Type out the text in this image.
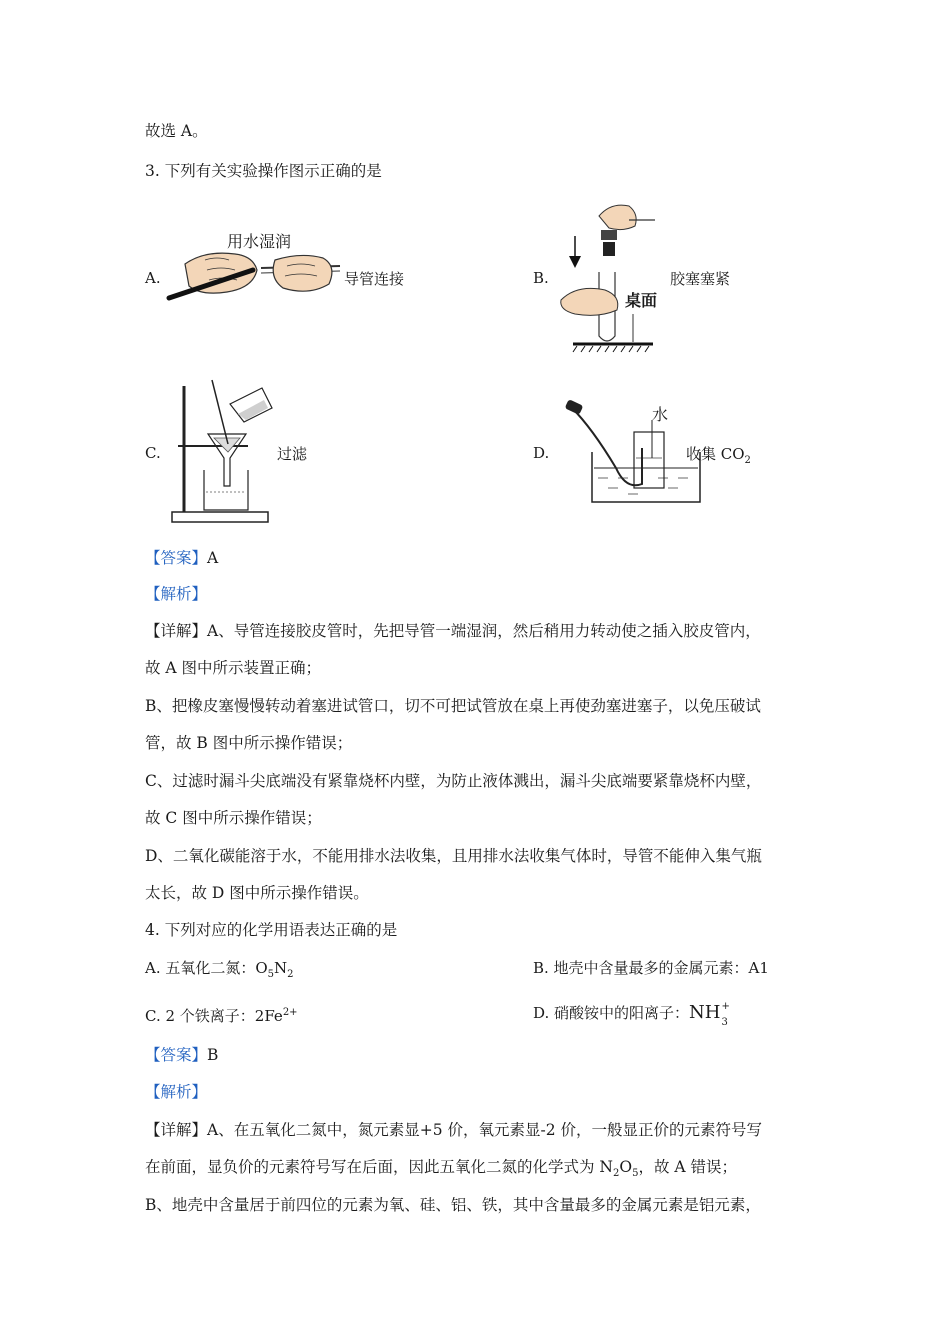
故选 A。
3. 下列有关实验操作图示正确的是
A.
用水湿润
导管连接	B.
桌面
胶塞塞紧
C.	过滤	D.
水
收集 $CO_2$
【答案】A
【解析】
【详解】A、导管连接胶皮管时，先把导管一端湿润，然后稍用力转动使之插入胶皮管内，
故 A 图中所示装置正确；
B、把橡皮塞慢慢转动着塞进试管口，切不可把试管放在桌上再使劲塞进塞子，以免压破试
管，故 B 图中所示操作错误；
C、过滤时漏斗尖底端没有紧靠烧杯内壁，为防止液体溅出，漏斗尖底端要紧靠烧杯内壁，
故 C 图中所示操作错误；
D、二氧化碳能溶于水，不能用排水法收集，且用排水法收集气体时，导管不能伸入集气瓶
太长，故 D 图中所示操作错误。
4. 下列对应的化学用语表达正确的是
A. 五氧化二氮：$O_5N_2$	B. 地壳中含量最多的金属元素：A1
C. 2 个铁离子：$2Fe^{2+}$	D. 硝酸铵中的阳离子：NH +
3
【答案】B
【解析】
【详解】A、在五氧化二氮中，氮元素显+5 价，氧元素显-2 价，一般显正价的元素符号写
在前面，显负价的元素符号写在后面，因此五氧化二氮的化学式为 $N_2O_5$，故 A 错误；
B、地壳中含量居于前四位的元素为氧、硅、铝、铁，其中含量最多的金属元素是铝元素，
